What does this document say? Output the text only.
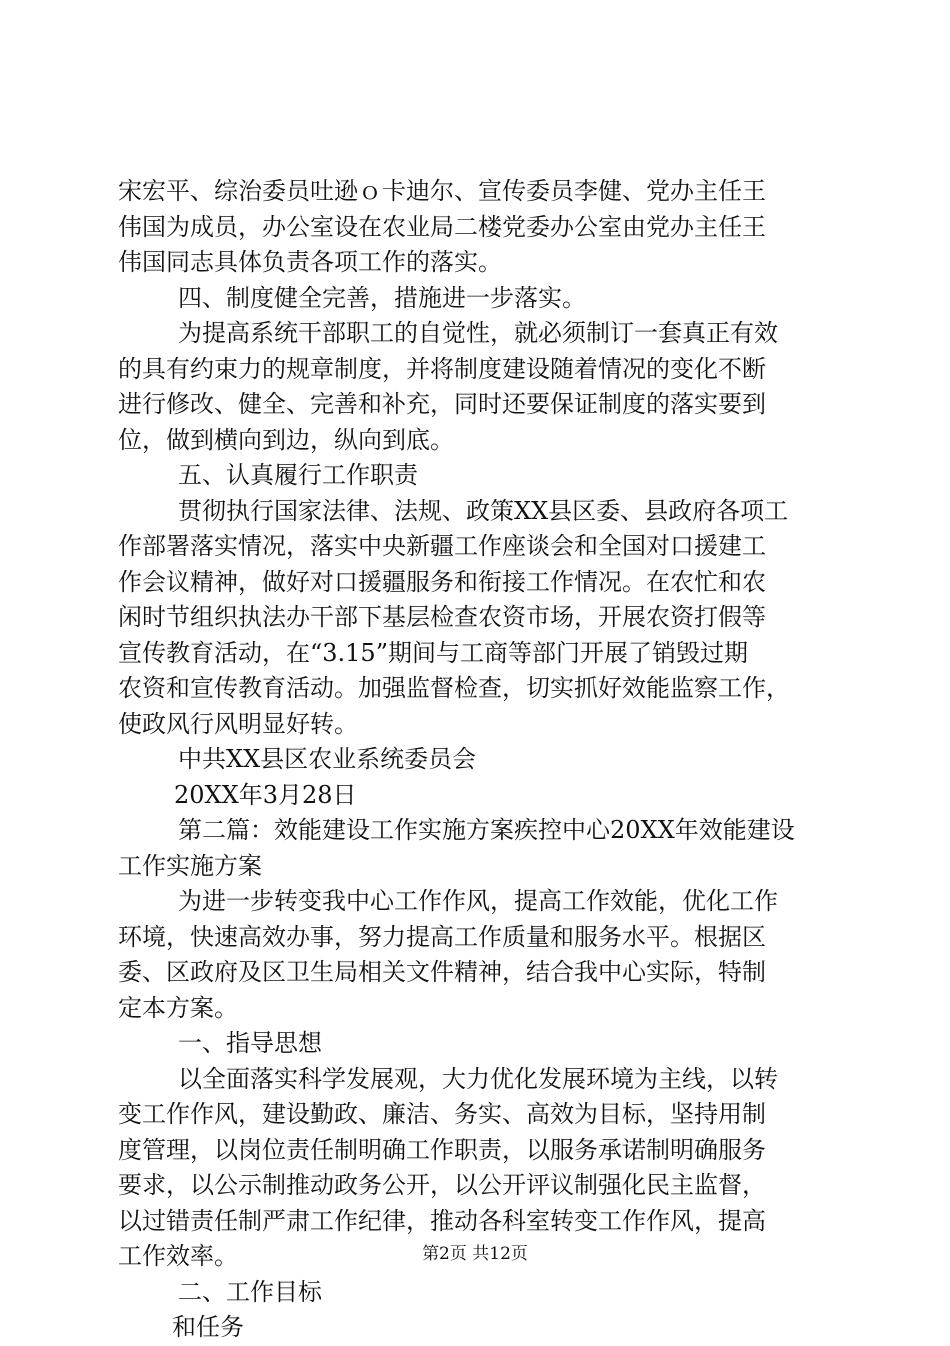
宋宏平、综治委员吐逊ｏ卡迪尔、宣传委员李健、党办主任王
伟国为成员，办公室设在农业局二楼党委办公室由党办主任王
伟国同志具体负责各项工作的落实。
四、制度健全完善，措施进一步落实。
为提高系统干部职工的自觉性，就必须制订一套真正有效
的具有约束力的规章制度，并将制度建设随着情况的变化不断
进行修改、健全、完善和补充，同时还要保证制度的落实要到
位，做到横向到边，纵向到底。
五、认真履行工作职责
贯彻执行国家法律、法规、政策XX县区委、县政府各项工
作部署落实情况，落实中央新疆工作座谈会和全国对口援建工
作会议精神，做好对口援疆服务和衔接工作情况。在农忙和农
闲时节组织执法办干部下基层检查农资市场，开展农资打假等
宣传教育活动，在“3.15”期间与工商等部门开展了销毁过期
农资和宣传教育活动。加强监督检查，切实抓好效能监察工作，
使政风行风明显好转。
中共XX县区农业系统委员会
20XX年3月28日
第二篇：效能建设工作实施方案疾控中心20XX年效能建设
工作实施方案
为进一步转变我中心工作作风，提高工作效能，优化工作
环境，快速高效办事，努力提高工作质量和服务水平。根据区
委、区政府及区卫生局相关文件精神，结合我中心实际，特制
定本方案。
一、指导思想
以全面落实科学发展观，大力优化发展环境为主线，以转
变工作作风，建设勤政、廉洁、务实、高效为目标，坚持用制
度管理，以岗位责任制明确工作职责，以服务承诺制明确服务
要求，以公示制推动政务公开，以公开评议制强化民主监督，
以过错责任制严肃工作纪律，推动各科室转变工作作风，提高
工作效率。
二、工作目标
和任务
第2页 共12页
